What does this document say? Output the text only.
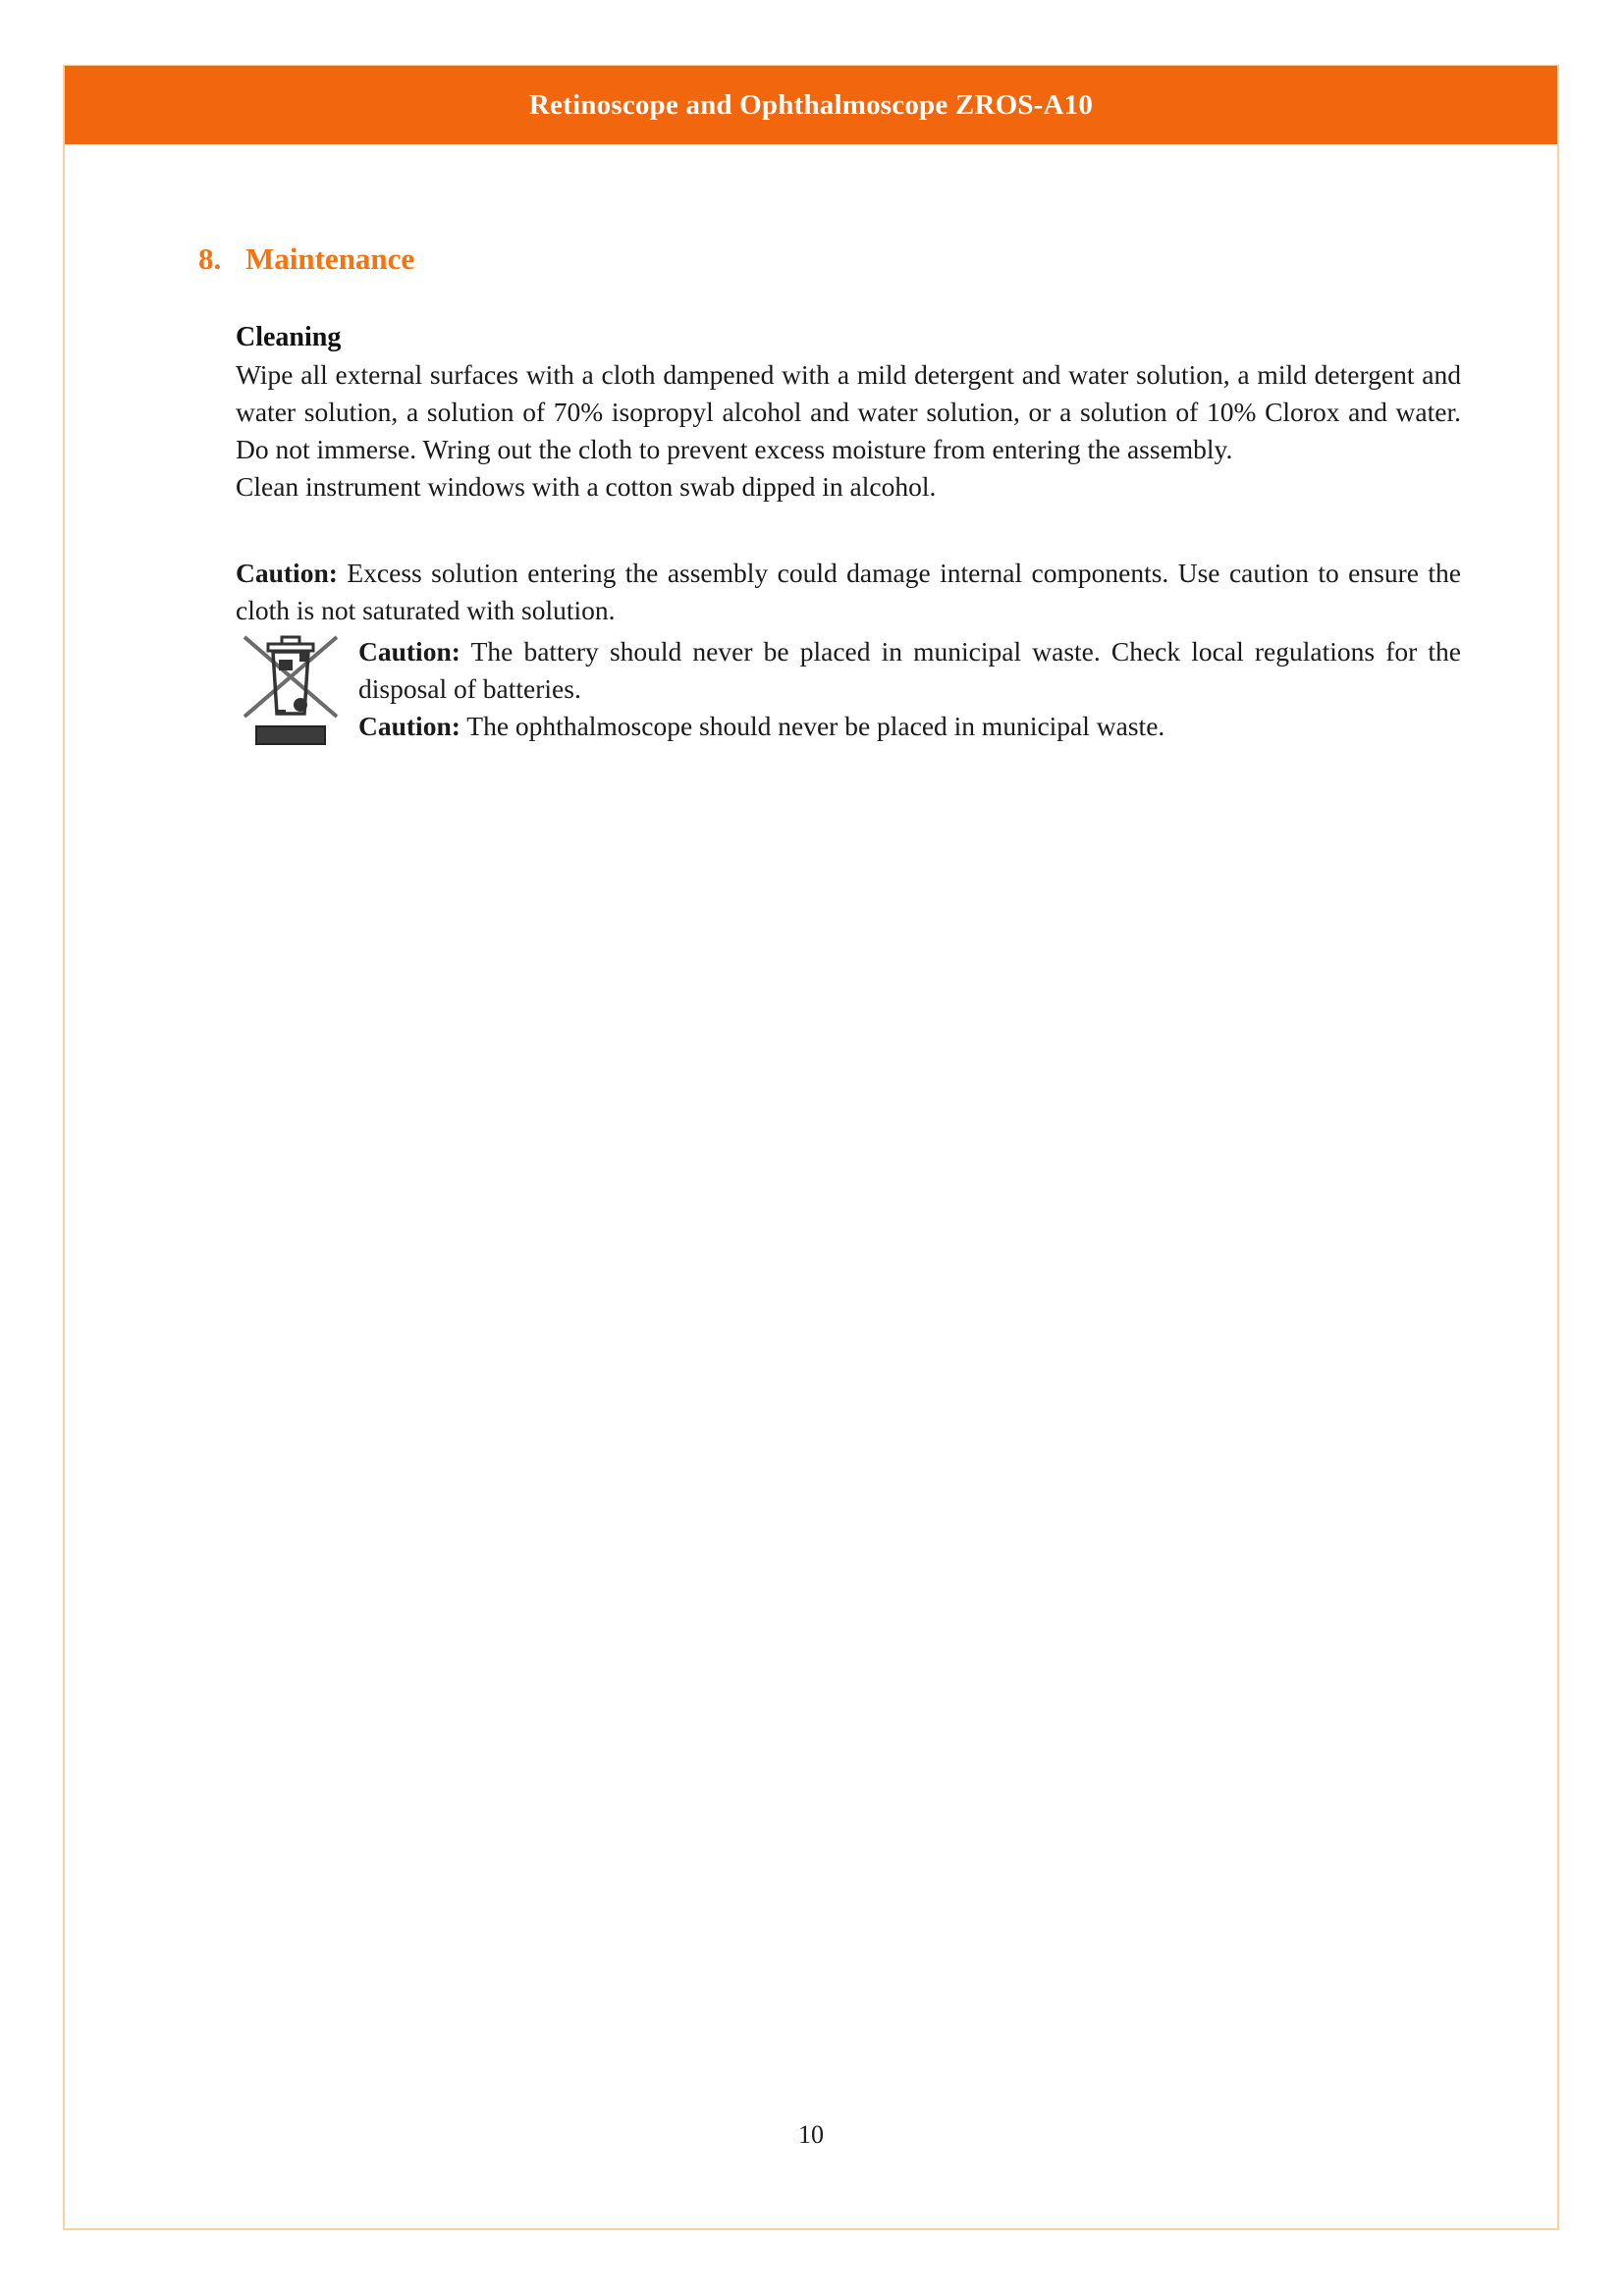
Retinoscope and Ophthalmoscope ZROS-A10
8. Maintenance
Cleaning

Wipe all external surfaces with a cloth dampened with a mild detergent and water solution, a mild detergent and water solution, a solution of 70% isopropyl alcohol and water solution, or a solution of 10% Clorox and water. Do not immerse. Wring out the cloth to prevent excess moisture from entering the assembly.

Clean instrument windows with a cotton swab dipped in alcohol.

Caution: Excess solution entering the assembly could damage internal components. Use caution to ensure the cloth is not saturated with solution.

Caution: The battery should never be placed in municipal waste. Check local regulations for the disposal of batteries.

Caution: The ophthalmoscope should never be placed in municipal waste.

10
